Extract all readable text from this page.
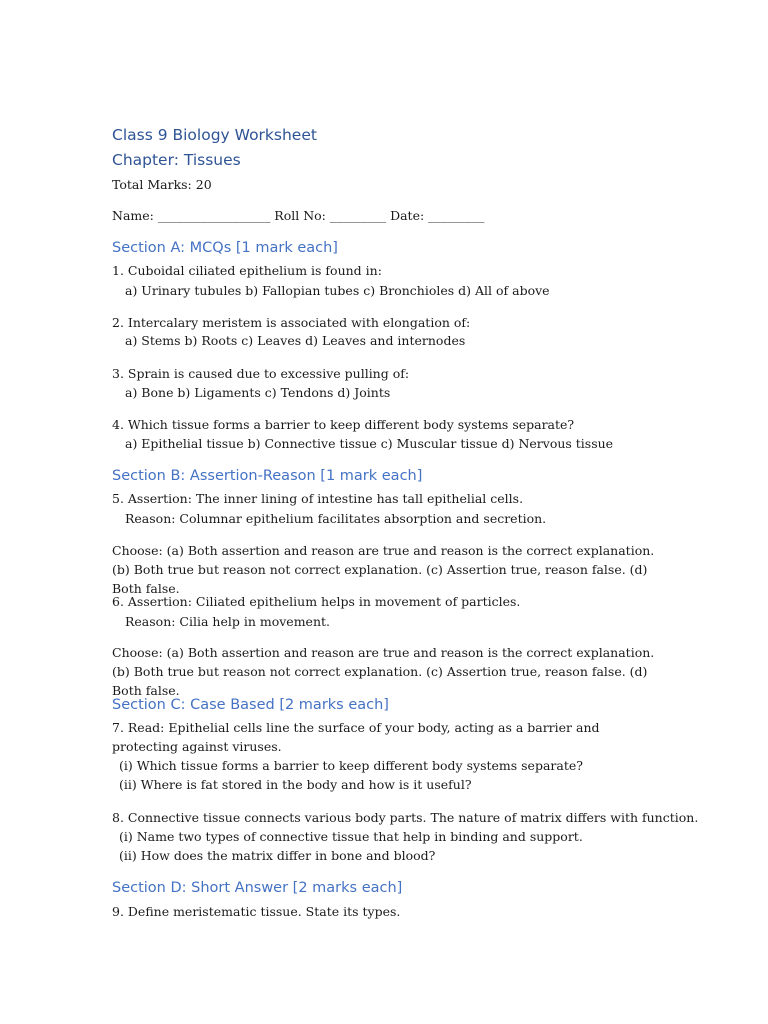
Class 9 Biology Worksheet
Chapter: Tissues
Total Marks: 20
Name: __________________ Roll No: _________ Date: _________
Section A: MCQs [1 mark each]
1. Cuboidal ciliated epithelium is found in:
a) Urinary tubules b) Fallopian tubes c) Bronchioles d) All of above
2. Intercalary meristem is associated with elongation of:
a) Stems b) Roots c) Leaves d) Leaves and internodes
3. Sprain is caused due to excessive pulling of:
a) Bone b) Ligaments c) Tendons d) Joints
4. Which tissue forms a barrier to keep different body systems separate?
a) Epithelial tissue b) Connective tissue c) Muscular tissue d) Nervous tissue
Section B: Assertion-Reason [1 mark each]
5. Assertion: The inner lining of intestine has tall epithelial cells.
Reason: Columnar epithelium facilitates absorption and secretion.
Choose: (a) Both assertion and reason are true and reason is the correct explanation. (b) Both true but reason not correct explanation. (c) Assertion true, reason false. (d) Both false.
6. Assertion: Ciliated epithelium helps in movement of particles.
Reason: Cilia help in movement.
Choose: (a) Both assertion and reason are true and reason is the correct explanation. (b) Both true but reason not correct explanation. (c) Assertion true, reason false. (d) Both false.
Section C: Case Based [2 marks each]
7. Read: Epithelial cells line the surface of your body, acting as a barrier and protecting against viruses.
(i) Which tissue forms a barrier to keep different body systems separate?
(ii) Where is fat stored in the body and how is it useful?
8. Connective tissue connects various body parts. The nature of matrix differs with function.
(i) Name two types of connective tissue that help in binding and support.
(ii) How does the matrix differ in bone and blood?
Section D: Short Answer [2 marks each]
9. Define meristematic tissue. State its types.
